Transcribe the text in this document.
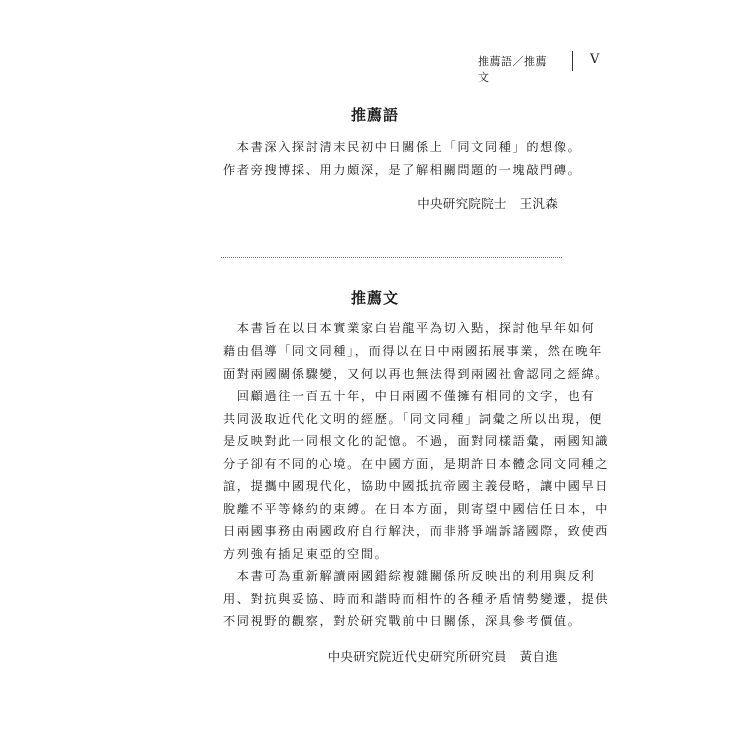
推薦語／推薦文
V
推薦語
　本書深入探討清末民初中日關係上「同文同種」的想像。
作者旁搜博採、用力頗深，是了解相關問題的一塊敲門磚。
中央研究院院士　王汎森
推薦文
　本書旨在以日本實業家白岩龍平為切入點，探討他早年如何
藉由倡導「同文同種」，而得以在日中兩國拓展事業，然在晚年
面對兩國關係驟變，又何以再也無法得到兩國社會認同之經緯。
　回顧過往一百五十年，中日兩國不僅擁有相同的文字，也有
共同汲取近代化文明的經歷。「同文同種」詞彙之所以出現，便
是反映對此一同根文化的記憶。不過，面對同樣語彙，兩國知識
分子卻有不同的心境。在中國方面，是期許日本體念同文同種之
誼，提攜中國現代化，協助中國抵抗帝國主義侵略，讓中國早日
脫離不平等條約的束縛。在日本方面，則寄望中國信任日本，中
日兩國事務由兩國政府自行解決，而非將爭端訴諸國際，致使西
方列強有插足東亞的空間。
　本書可為重新解讀兩國錯綜複雜關係所反映出的利用與反利
用、對抗與妥協、時而和諧時而相忤的各種矛盾情勢變遷，提供
不同視野的觀察，對於研究戰前中日關係，深具參考價值。
中央研究院近代史研究所研究員　黃自進
